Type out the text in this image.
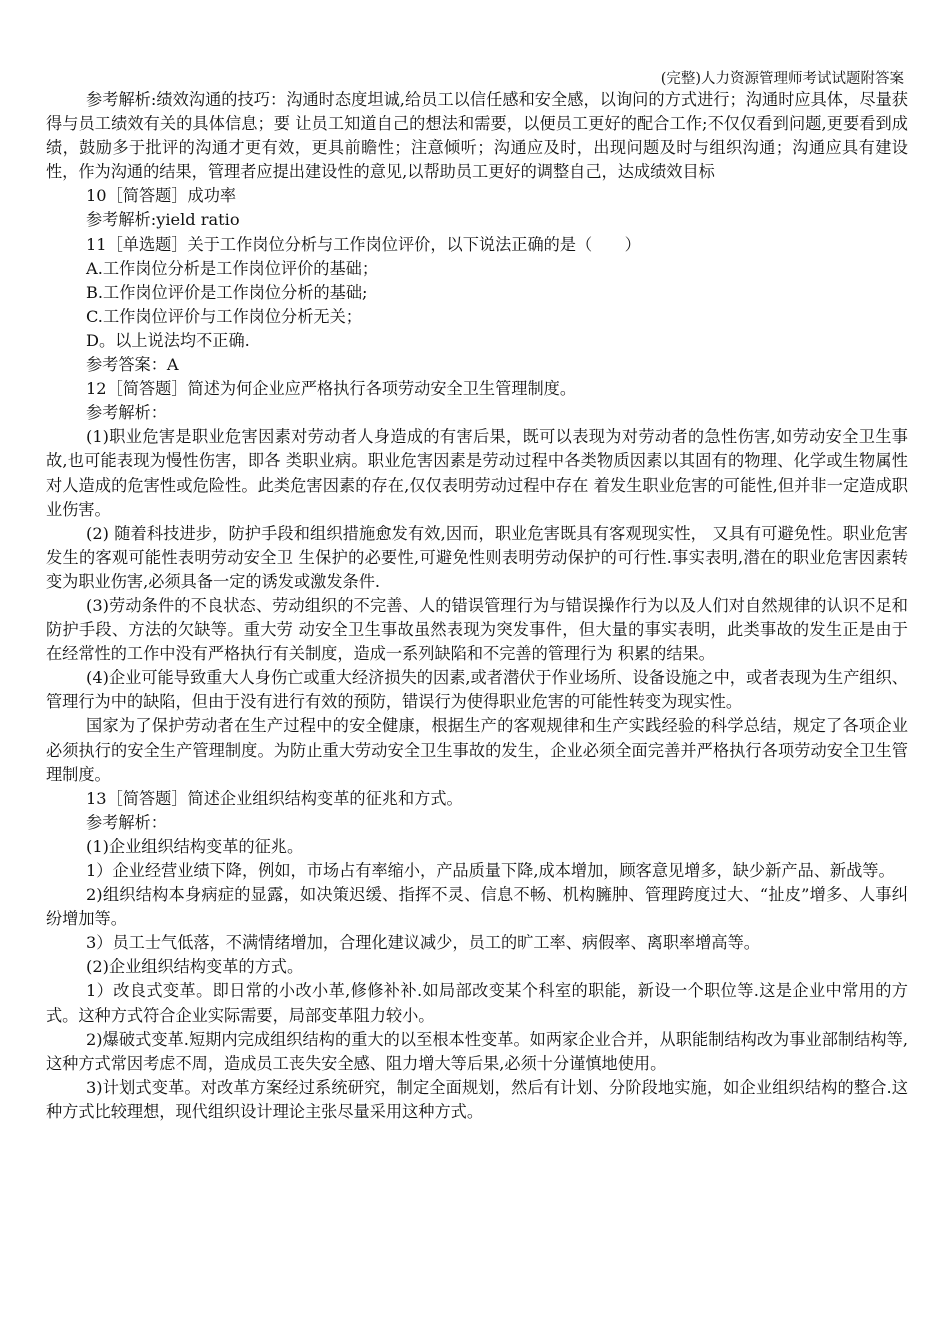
(完整)人力资源管理师考试试题附答案

参考解析:绩效沟通的技巧：沟通时态度坦诚,给员工以信任感和安全感，以询问的方式进行；沟通时应具体，尽量获得与员工绩效有关的具体信息；要 让员工知道自己的想法和需要，以便员工更好的配合工作;不仅仅看到问题,更要看到成绩，鼓励多于批评的沟通才更有效，更具前瞻性；注意倾听；沟通应及时，出现问题及时与组织沟通；沟通应具有建设性，作为沟通的结果，管理者应提出建设性的意见,以帮助员工更好的调整自己，达成绩效目标

10［简答题］成功率

参考解析:yield ratio

11［单选题］关于工作岗位分析与工作岗位评价，以下说法正确的是（　　）

A.工作岗位分析是工作岗位评价的基础；

B.工作岗位评价是工作岗位分析的基础;

C.工作岗位评价与工作岗位分析无关；

D。以上说法均不正确.

参考答案：A

12［简答题］简述为何企业应严格执行各项劳动安全卫生管理制度。

参考解析：

(1)职业危害是职业危害因素对劳动者人身造成的有害后果，既可以表现为对劳动者的急性伤害,如劳动安全卫生事故,也可能表现为慢性伤害，即各 类职业病。职业危害因素是劳动过程中各类物质因素以其固有的物理、化学或生物属性对人造成的危害性或危险性。此类危害因素的存在,仅仅表明劳动过程中存在 着发生职业危害的可能性,但并非一定造成职业伤害。

(2) 随着科技进步，防护手段和组织措施愈发有效,因而，职业危害既具有客观现实性， 又具有可避免性。职业危害发生的客观可能性表明劳动安全卫 生保护的必要性,可避免性则表明劳动保护的可行性.事实表明,潜在的职业危害因素转变为职业伤害,必须具备一定的诱发或激发条件.

(3)劳动条件的不良状态、劳动组织的不完善、人的错误管理行为与错误操作行为以及人们对自然规律的认识不足和防护手段、方法的欠缺等。重大劳 动安全卫生事故虽然表现为突发事件，但大量的事实表明，此类事故的发生正是由于在经常性的工作中没有严格执行有关制度，造成一系列缺陷和不完善的管理行为 积累的结果。

(4)企业可能导致重大人身伤亡或重大经济损失的因素,或者潜伏于作业场所、设备设施之中，或者表现为生产组织、管理行为中的缺陷，但由于没有进行有效的预防，错误行为使得职业危害的可能性转变为现实性。

国家为了保护劳动者在生产过程中的安全健康，根据生产的客观规律和生产实践经验的科学总结，规定了各项企业必须执行的安全生产管理制度。为防止重大劳动安全卫生事故的发生，企业必须全面完善并严格执行各项劳动安全卫生管理制度。

13［简答题］简述企业组织结构变革的征兆和方式。

参考解析：

(1)企业组织结构变革的征兆。

1）企业经营业绩下降，例如，市场占有率缩小，产品质量下降,成本增加，顾客意见增多，缺少新产品、新战等。

2)组织结构本身病症的显露，如决策迟缓、指挥不灵、信息不畅、机构臃肿、管理跨度过大、“扯皮”增多、人事纠纷增加等。

3）员工士气低落，不满情绪增加，合理化建议减少，员工的旷工率、病假率、离职率增高等。

(2)企业组织结构变革的方式。

1）改良式变革。即日常的小改小革,修修补补.如局部改变某个科室的职能，新设一个职位等.这是企业中常用的方式。这种方式符合企业实际需要，局部变革阻力较小。

2)爆破式变革.短期内完成组织结构的重大的以至根本性变革。如两家企业合并，从职能制结构改为事业部制结构等,这种方式常因考虑不周，造成员工丧失安全感、阻力增大等后果,必须十分谨慎地使用。

3)计划式变革。对改革方案经过系统研究，制定全面规划，然后有计划、分阶段地实施，如企业组织结构的整合.这种方式比较理想，现代组织设计理论主张尽量采用这种方式。
